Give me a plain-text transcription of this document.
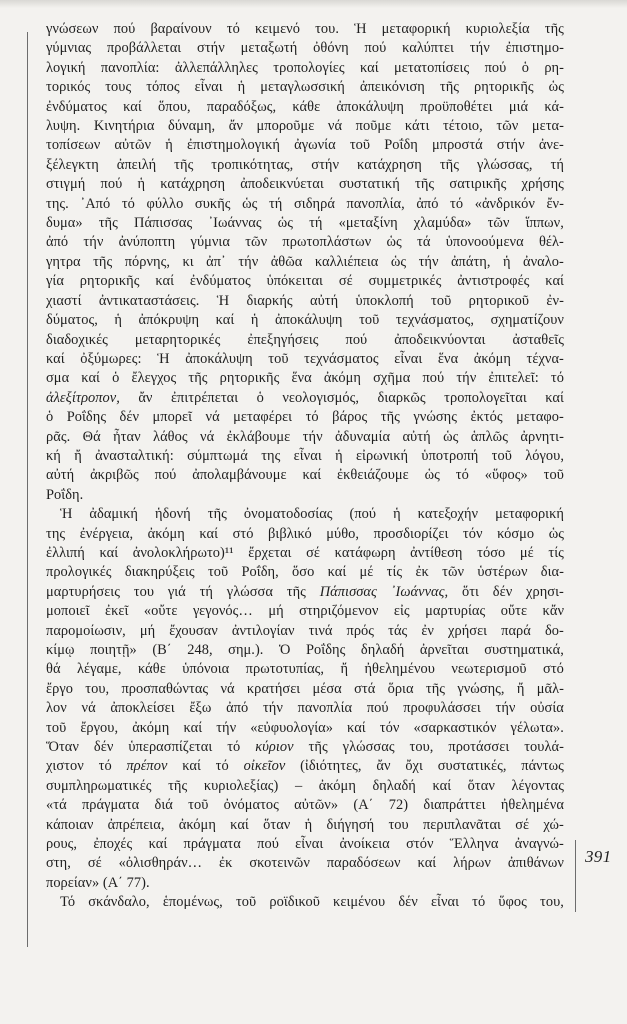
γνώσεων πού βαραίνουν τό κειμενό του. Ἡ μεταφορική κυριολεξία τῆς
γύμνιας προβάλλεται στήν μεταξωτή ὀθόνη πού καλύπτει τήν ἐπιστημο-
λογική πανοπλία: ἀλλεπάλληλες τροπολογίες καί μετατοπίσεις πού ὁ ρη-
τορικός τους τόπος εἶναι ἡ μεταγλωσσική ἀπεικόνιση τῆς ρητορικῆς ὡς
ἐνδύματος καί ὅπου, παραδόξως, κάθε ἀποκάλυψη προϋποθέτει μιά κά-
λυψη. Κινητήρια δύναμη, ἄν μποροῦμε νά ποῦμε κάτι τέτοιο, τῶν μετα-
τοπίσεων αὐτῶν ἡ ἐπιστημολογική ἀγωνία τοῦ Ροΐδη μπροστά στήν ἀνε-
ξέλεγκτη ἀπειλή τῆς τροπικότητας, στήν κατάχρηση τῆς γλώσσας, τή
στιγμή πού ἡ κατάχρηση ἀποδεικνύεται συστατική τῆς σατιρικῆς χρήσης
της. ᾿Από τό φύλλο συκῆς ὡς τή σιδηρά πανοπλία, ἀπό τό «ἀνδρικόν ἔν-
δυμα» τῆς Πάπισσας ᾿Ιωάννας ὡς τή «μεταξίνη χλαμύδα» τῶν ἵππων,
ἀπό τήν ἀνύποπτη γύμνια τῶν πρωτοπλάστων ὡς τά ὑπονοούμενα θέλ-
γητρα τῆς πόρνης, κι ἀπ᾿ τήν ἀθῶα καλλιέπεια ὡς τήν ἀπάτη, ἡ ἀναλο-
γία ρητορικῆς καί ἐνδύματος ὑπόκειται σέ συμμετρικές ἀντιστροφές καί
χιαστί ἀντικαταστάσεις. Ἡ διαρκής αὐτή ὑποκλοπή τοῦ ρητορικοῦ ἐν-
δύματος, ἡ ἀπόκρυψη καί ἡ ἀποκάλυψη τοῦ τεχνάσματος, σχηματίζουν
διαδοχικές μεταρητορικές ἐπεξηγήσεις πού ἀποδεικνύονται ἀσταθεῖς
καί ὀξύμωρες: Ἡ ἀποκάλυψη τοῦ τεχνάσματος εἶναι ἕνα ἀκόμη τέχνα-
σμα καί ὁ ἔλεγχος τῆς ρητορικῆς ἕνα ἀκόμη σχῆμα πού τήν ἐπιτελεῖ: τό
ἀλεξίτροπον, ἄν ἐπιτρέπεται ὁ νεολογισμός, διαρκῶς τροπολογεῖται καί
ὁ Ροΐδης δέν μπορεῖ νά μεταφέρει τό βάρος τῆς γνώσης ἐκτός μεταφο-
ρᾶς. Θά ἦταν λάθος νά ἐκλάβουμε τήν ἀδυναμία αὐτή ὡς ἁπλῶς ἀρνητι-
κή ἤ ἀνασταλτική: σύμπτωμά της εἶναι ἡ εἰρωνική ὑποτροπή τοῦ λόγου,
αὐτή ἀκριβῶς πού ἀπολαμβάνουμε καί ἐκθειάζουμε ὡς τό «ὕφος» τοῦ
Ροΐδη.
Ἡ ἀδαμική ἡδονή τῆς ὀνοματοδοσίας (πού ἡ κατεξοχήν μεταφορική
της ἐνέργεια, ἀκόμη καί στό βιβλικό μύθο, προσδιορίζει τόν κόσμο ὡς
ἐλλιπή καί ἀνολοκλήρωτο)¹¹ ἔρχεται σέ κατάφωρη ἀντίθεση τόσο μέ τίς
προλογικές διακηρύξεις τοῦ Ροΐδη, ὅσο καί μέ τίς ἐκ τῶν ὑστέρων δια-
μαρτυρήσεις του γιά τή γλώσσα τῆς Πάπισσας ᾿Ιωάννας, ὅτι δέν χρησι-
μοποιεῖ ἐκεῖ «οὔτε γεγονός… μή στηριζόμενον εἰς μαρτυρίας οὔτε κἄν
παρομοίωσιν, μή ἔχουσαν ἀντιλογίαν τινά πρός τάς ἐν χρήσει παρά δο-
κίμῳ ποιητῇ» (Β΄ 248, σημ.). Ὁ Ροΐδης δηλαδή ἀρνεῖται συστηματικά,
θά λέγαμε, κάθε ὑπόνοια πρωτοτυπίας, ἤ ἠθεληµένου νεωτερισμοῦ στό
ἔργο του, προσπαθώντας νά κρατήσει μέσα στά ὅρια τῆς γνώσης, ἤ μᾶλ-
λον νά ἀποκλείσει ἔξω ἀπό τήν πανοπλία πού προφυλάσσει τήν οὐσία
τοῦ ἔργου, ἀκόμη καί τήν «εὐφυολογία» καί τόν «σαρκαστικόν γέλωτα».
Ὅταν δέν ὑπερασπίζεται τό κύριον τῆς γλώσσας του, προτάσσει τουλά-
χιστον τό πρέπον καί τό οἰκεῖον (ἰδιότητες, ἄν ὄχι συστατικές, πάντως
συμπληρωματικές τῆς κυριολεξίας) – ἀκόμη δηλαδή καί ὅταν λέγοντας
«τά πράγματα διά τοῦ ὀνόματος αὐτῶν» (Α΄ 72) διαπράττει ἠθελημένα
κάποιαν ἀπρέπεια, ἀκόμη καί ὅταν ἡ διήγησή του περιπλανᾶται σέ χώ-
ρους, ἐποχές καί πράγματα πού εἶναι ἀνοίκεια στόν Ἕλληνα ἀναγνώ-
στη, σέ «ὀλισθηράν… ἐκ σκοτεινῶν παραδόσεων καί λήρων ἀπιθάνων
πορείαν» (Α΄ 77).
Τό σκάνδαλο, ἑπομένως, τοῦ ροϊδικοῦ κειμένου δέν εἶναι τό ὕφος του,
391
